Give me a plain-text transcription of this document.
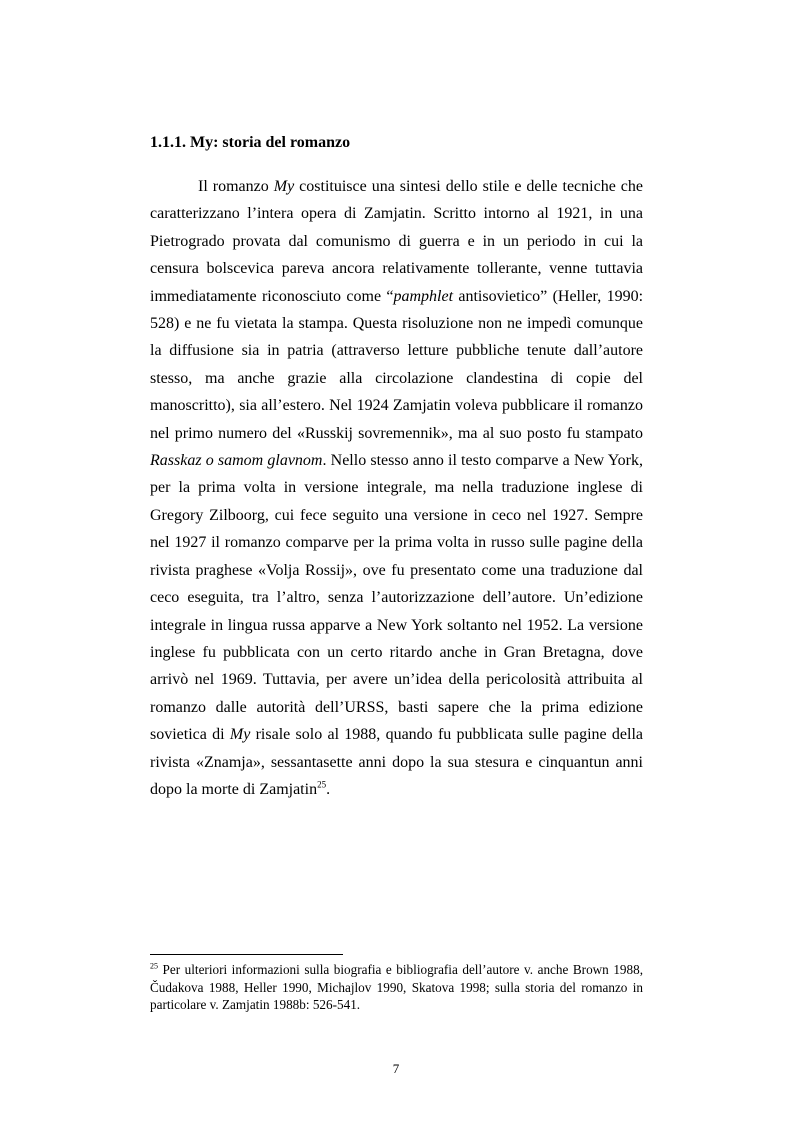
1.1.1. My: storia del romanzo

Il romanzo My costituisce una sintesi dello stile e delle tecniche che caratterizzano l’intera opera di Zamjatin. Scritto intorno al 1921, in una Pietrogrado provata dal comunismo di guerra e in un periodo in cui la censura bolscevica pareva ancora relativamente tollerante, venne tuttavia immediatamente riconosciuto come “pamphlet antisovietico” (Heller, 1990: 528) e ne fu vietata la stampa. Questa risoluzione non ne impedì comunque la diffusione sia in patria (attraverso letture pubbliche tenute dall’autore stesso, ma anche grazie alla circolazione clandestina di copie del manoscritto), sia all’estero. Nel 1924 Zamjatin voleva pubblicare il romanzo nel primo numero del «Russkij sovremennik», ma al suo posto fu stampato Rasskaz o samom glavnom. Nello stesso anno il testo comparve a New York, per la prima volta in versione integrale, ma nella traduzione inglese di Gregory Zilboorg, cui fece seguito una versione in ceco nel 1927. Sempre nel 1927 il romanzo comparve per la prima volta in russo sulle pagine della rivista praghese «Volja Rossij», ove fu presentato come una traduzione dal ceco eseguita, tra l’altro, senza l’autorizzazione dell’autore. Un’edizione integrale in lingua russa apparve a New York soltanto nel 1952. La versione inglese fu pubblicata con un certo ritardo anche in Gran Bretagna, dove arrivò nel 1969. Tuttavia, per avere un’idea della pericolosità attribuita al romanzo dalle autorità dell’URSS, basti sapere che la prima edizione sovietica di My risale solo al 1988, quando fu pubblicata sulle pagine della rivista «Znamja», sessantasette anni dopo la sua stesura e cinquantun anni dopo la morte di Zamjatin$^{25}$.

$^{25}$ Per ulteriori informazioni sulla biografia e bibliografia dell’autore v. anche Brown 1988, Čudakova 1988, Heller 1990, Michajlov 1990, Skatova 1998; sulla storia del romanzo in particolare v. Zamjatin 1988b: 526-541.

7
